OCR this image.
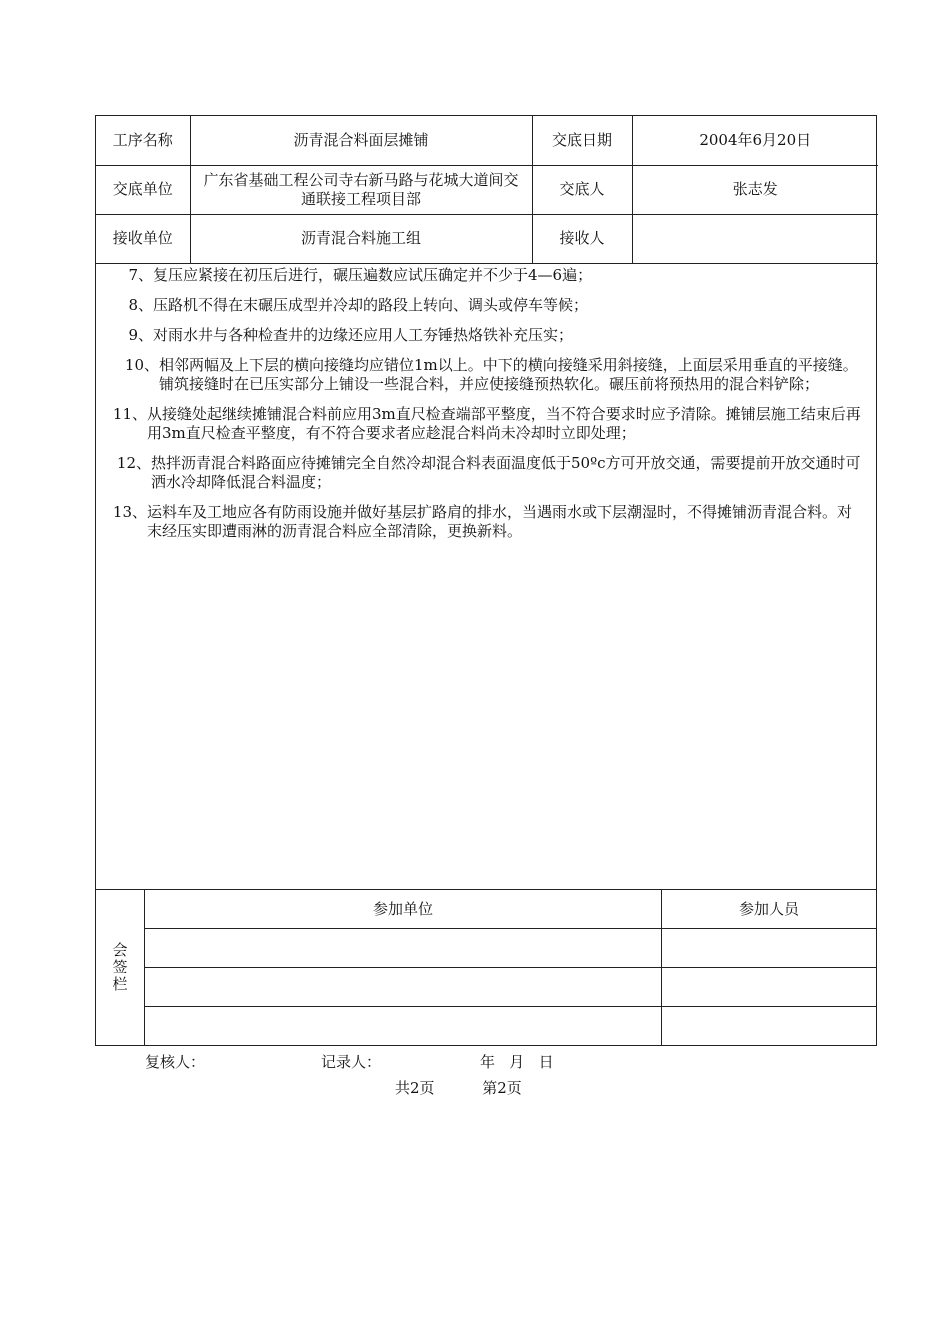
工序名称	沥青混合料面层摊铺	交底日期	2004年6月20日
交底单位	广东省基础工程公司寺右新马路与花城大道间交通联接工程项目部	交底人	张志发
接收单位	沥青混合料施工组	接收人	
7、 复压应紧接在初压后进行，碾压遍数应试压确定并不少于4—6遍；
8、 压路机不得在末碾压成型并冷却的路段上转向、调头或停车等候；
9、 对雨水井与各种检查井的边缘还应用人工夯锤热烙铁补充压实；
10、 相邻两幅及上下层的横向接缝均应错位1m以上。中下的横向接缝采用斜接缝，上面层采用垂直的平接缝。铺筑接缝时在已压实部分上铺设一些混合料，并应使接缝预热软化。碾压前将预热用的混合料铲除；
11、 从接缝处起继续摊铺混合料前应用3m直尺检查端部平整度，当不符合要求时应予清除。摊铺层施工结束后再用3m直尺检查平整度，有不符合要求者应趁混合料尚未冷却时立即处理；
12、 热拌沥青混合料路面应待摊铺完全自然冷却混合料表面温度低于50ºc方可开放交通，需要提前开放交通时可洒水冷却降低混合料温度；
13、 运料车及工地应各有防雨设施并做好基层扩路肩的排水，当遇雨水或下层潮湿时，不得摊铺沥青混合料。对末经压实即遭雨淋的沥青混合料应全部清除，更换新料。
会签栏
参加单位	参加人员
复核人：	记录人：	年   月   日
共2页          第2页
